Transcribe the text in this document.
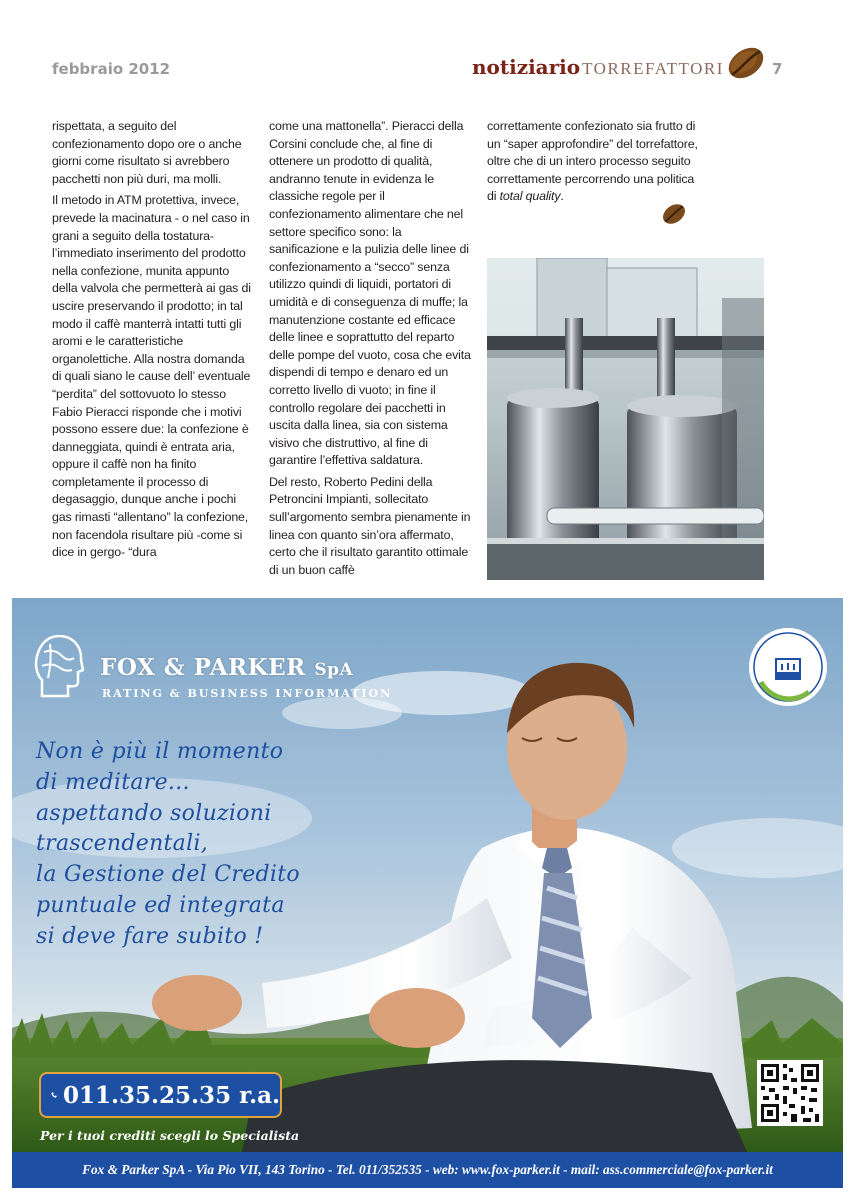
febbraio 2012	notiziario TORREFATTORI	7

rispettata, a seguito del confezionamento dopo ore o anche giorni come risultato si avrebbero pacchetti non più duri, ma molli.

Il metodo in ATM protettiva, invece, prevede la macinatura - o nel caso in grani a seguito della tostatura- l’immediato inserimento del prodotto nella confezione, munita appunto della valvola che permetterà ai gas di uscire preservando il prodotto; in tal modo il caffè manterrà intatti tutti gli aromi e le caratteristiche organolettiche. Alla nostra domanda di quali siano le cause dell’ eventuale “perdita” del sottovuoto lo stesso Fabio Pieracci risponde che i motivi possono essere due: la confezione è danneggiata, quindi è entrata aria, oppure il caffè non ha finito completamente il processo di degasaggio, dunque anche i pochi gas rimasti “allentano” la confezione, non facendola risultare più -come si dice in gergo- “dura

come una mattonella”. Pieracci della Corsini conclude che, al fine di ottenere un prodotto di qualità, andranno tenute in evidenza le classiche regole per il confezionamento alimentare che nel settore specifico sono: la sanificazione e la pulizia delle linee di confezionamento a “secco” senza utilizzo quindi di liquidi, portatori di umidità e di conseguenza di muffe; la manutenzione costante ed efficace delle linee e soprattutto del reparto delle pompe del vuoto, cosa che evita dispendi di tempo e denaro ed un corretto livello di vuoto; in fine il controllo regolare dei pacchetti in uscita dalla linea, sia con sistema visivo che distruttivo, al fine di garantire l’effettiva saldatura.

Del resto, Roberto Pedini della Petroncini Impianti, sollecitato sull’argomento sembra pienamente in linea con quanto sin’ora affermato, certo che il risultato garantito ottimale di un buon caffè

correttamente confezionato sia frutto di un “saper approfondire” del torrefattore, oltre che di un intero processo seguito correttamente percorrendo una politica di total quality.

FOX & PARKER SpA
RATING & BUSINESS INFORMATION
Non è più il momento
di meditare...
aspettando soluzioni
trascendentali,
la Gestione del Credito
puntuale ed integrata
si deve fare subito !
011.35.25.35 r.a.
Per i tuoi crediti scegli lo Specialista
Fox & Parker SpA - Via Pio VII, 143 Torino - Tel. 011/352535 - web: www.fox-parker.it - mail: ass.commerciale@fox-parker.it
